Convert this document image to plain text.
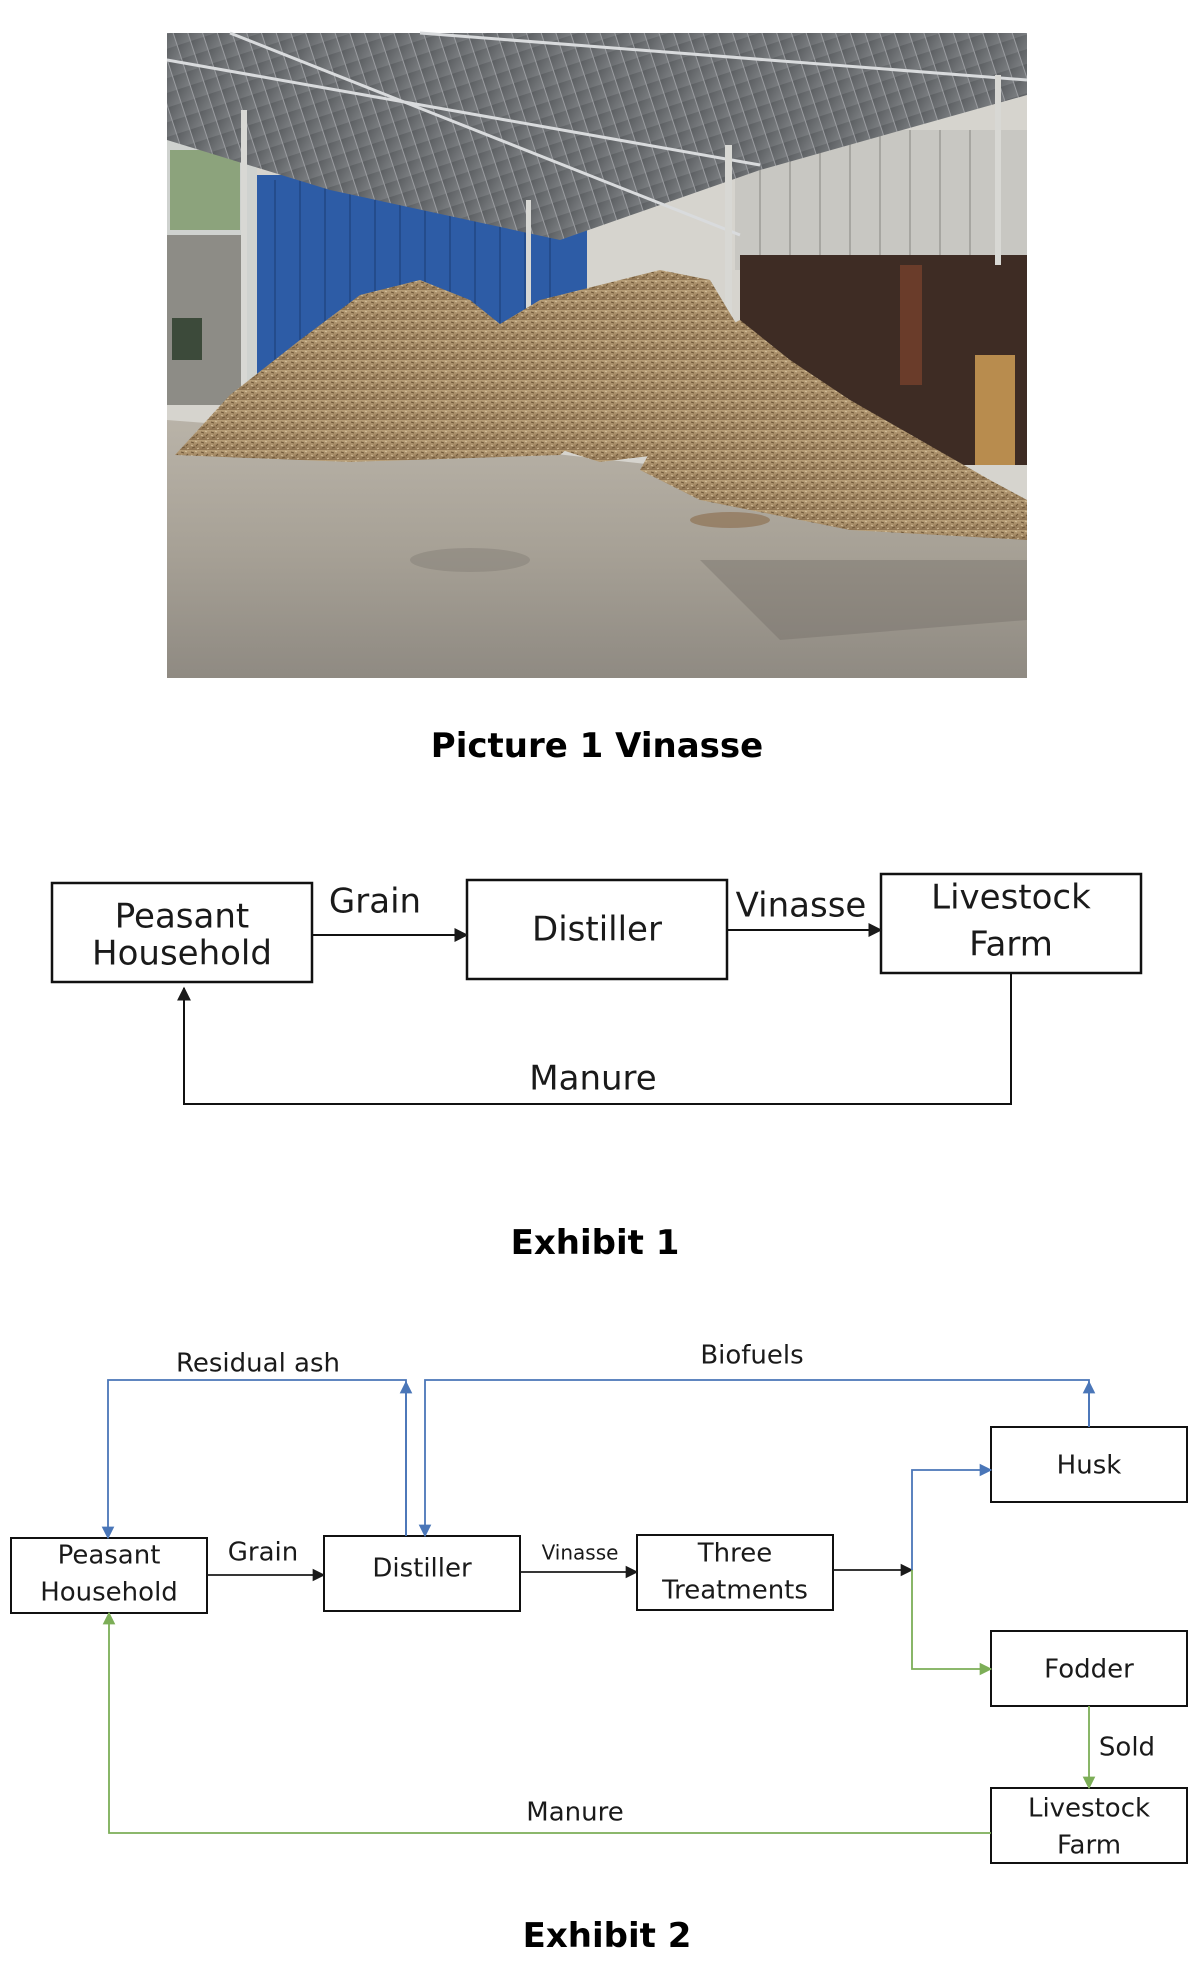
Picture 1 Vinasse
Peasant
Household
Distiller
Livestock
Farm
Grain	Vinasse
Manure
Exhibit 1
Peasant
Household
Distiller	Three
Treatments
Husk
Fodder
Livestock
Farm
Grain	Vinasse
Biofuels
Residual ash
Sold
Manure
Exhibit 2
